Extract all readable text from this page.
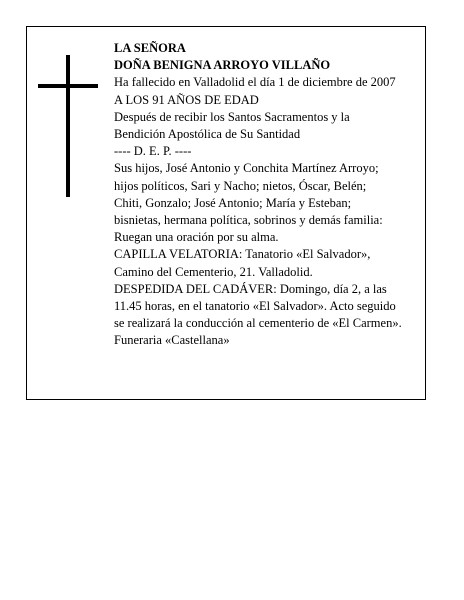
LA SEÑORA
DOÑA BENIGNA ARROYO VILLAÑO
Ha fallecido en Valladolid el día 1 de diciembre de 2007
A LOS 91 AÑOS DE EDAD
Después de recibir los Santos Sacramentos y la
Bendición Apostólica de Su Santidad
---- D. E. P. ----
Sus hijos, José Antonio y Conchita Martínez Arroyo;
hijos políticos, Sari y Nacho; nietos, Óscar, Belén;
Chiti, Gonzalo; José Antonio; María y Esteban;
bisnietas, hermana política, sobrinos y demás familia:
Ruegan una oración por su alma.
CAPILLA VELATORIA: Tanatorio «El Salvador»,
Camino del Cementerio, 21. Valladolid.
DESPEDIDA DEL CADÁVER: Domingo, día 2, a las
11.45 horas, en el tanatorio «El Salvador». Acto seguido
se realizará la conducción al cementerio de «El Carmen».
Funeraria «Castellana»
